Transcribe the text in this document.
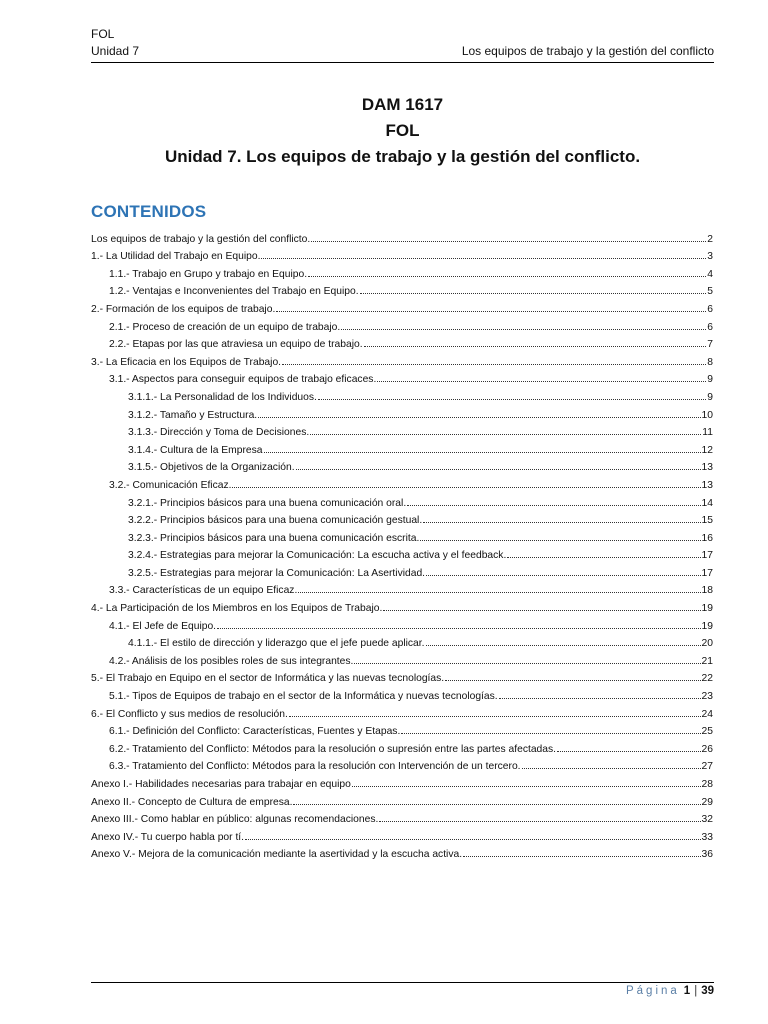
FOL
Unidad 7	Los equipos de trabajo y la gestión del conflicto
DAM 1617
FOL
Unidad 7. Los equipos de trabajo y la gestión del conflicto.
CONTENIDOS
Los equipos de trabajo y la gestión del conflicto.	2
1.- La Utilidad del Trabajo en Equipo.	3
1.1.- Trabajo en Grupo y trabajo en Equipo.	4
1.2.- Ventajas e Inconvenientes del Trabajo en Equipo.	5
2.- Formación de los equipos de trabajo.	6
2.1.- Proceso de creación de un equipo de trabajo.	6
2.2.- Etapas por las que atraviesa un equipo de trabajo.	7
3.- La Eficacia en los Equipos de Trabajo.	8
3.1.- Aspectos para conseguir equipos de trabajo eficaces.	9
3.1.1.- La Personalidad de los Individuos.	9
3.1.2.- Tamaño y Estructura.	10
3.1.3.- Dirección y Toma de Decisiones.	11
3.1.4.- Cultura de la Empresa	12
3.1.5.- Objetivos de la Organización.	13
3.2.- Comunicación Eficaz.	13
3.2.1.- Principios básicos para una buena comunicación oral.	14
3.2.2.- Principios básicos para una buena comunicación gestual.	15
3.2.3.- Principios básicos para una buena comunicación escrita.	16
3.2.4.- Estrategias para mejorar la Comunicación: La escucha activa y el feedback.	17
3.2.5.- Estrategias para mejorar la Comunicación: La Asertividad.	17
3.3.- Características de un equipo Eficaz.	18
4.- La Participación de los Miembros en los Equipos de Trabajo.	19
4.1.- El Jefe de Equipo.	19
4.1.1.- El estilo de dirección y liderazgo que el jefe puede aplicar.	20
4.2.- Análisis de los posibles roles de sus integrantes.	21
5.- El Trabajo en Equipo en el sector de Informática y las nuevas tecnologías.	22
5.1.- Tipos de Equipos de trabajo en el sector de la Informática y nuevas tecnologías.	23
6.- El Conflicto y sus medios de resolución.	24
6.1.- Definición del Conflicto: Características, Fuentes y Etapas.	25
6.2.- Tratamiento del Conflicto: Métodos para la resolución o supresión entre las partes afectadas.	26
6.3.- Tratamiento del Conflicto: Métodos para la resolución con Intervención de un tercero.	27
Anexo I.- Habilidades necesarias para trabajar en equipo	28
Anexo II.- Concepto de Cultura de empresa.	29
Anexo III.- Como hablar en público: algunas recomendaciones.	32
Anexo IV.- Tu cuerpo habla por tí.	33
Anexo V.- Mejora de la comunicación mediante la asertividad y la escucha activa.	36
Página 1 | 39
